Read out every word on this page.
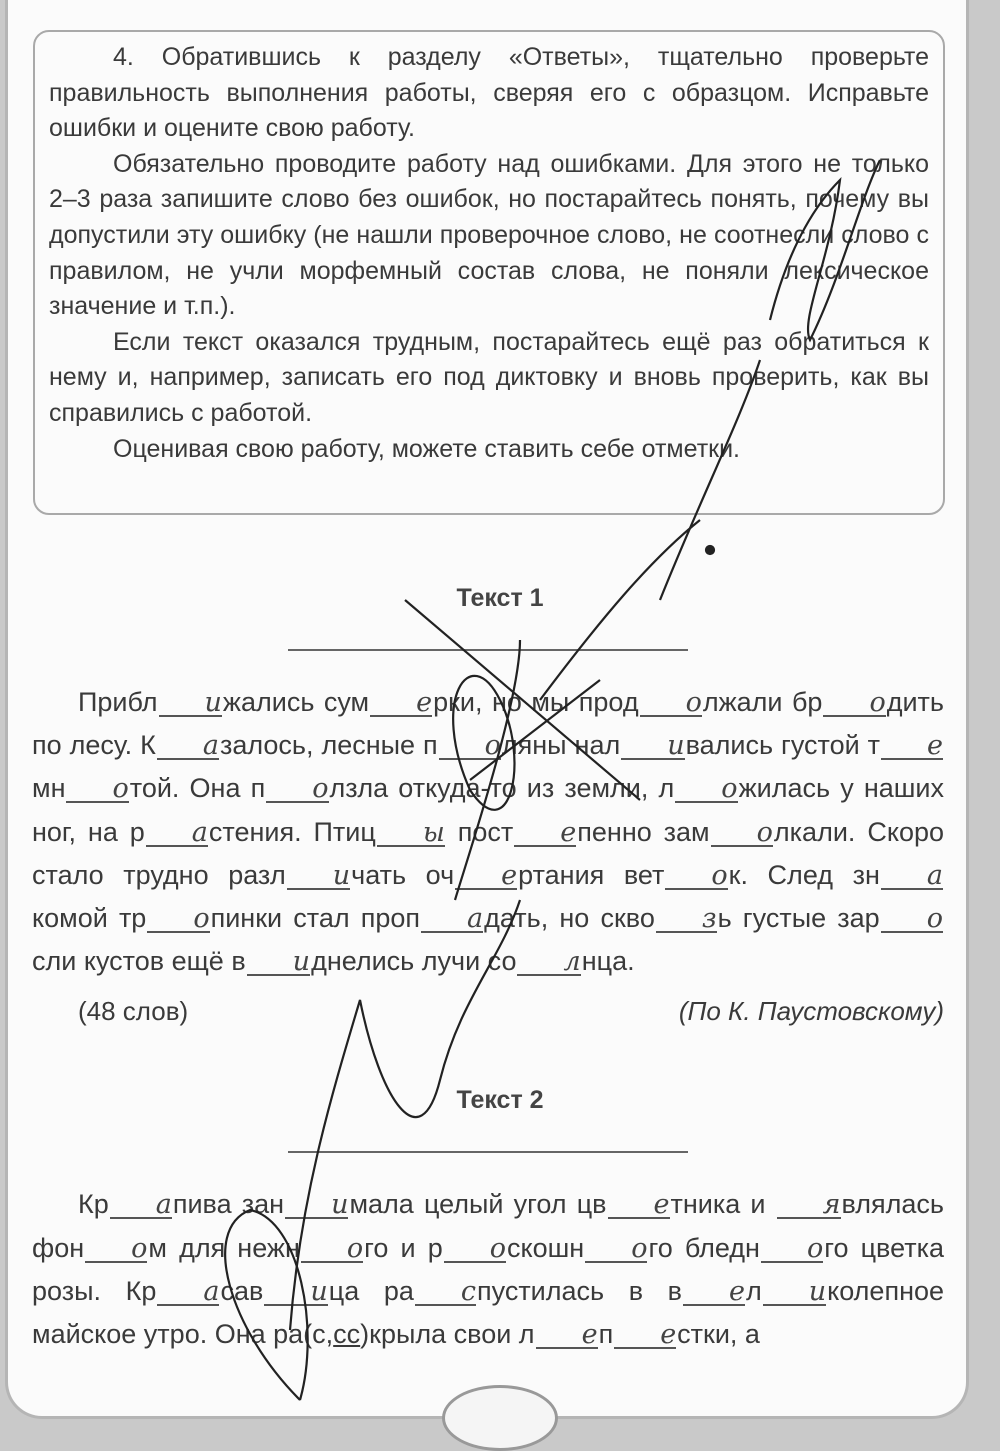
4. Обратившись к разделу «Ответы», тщательно проверьте правильность выполнения работы, сверяя его с образцом. Исправьте ошибки и оцените свою работу.

Обязательно проводите работу над ошибками. Для этого не только 2–3 раза запишите слово без ошибок, но постарайтесь понять, почему вы допустили эту ошибку (не нашли проверочное слово, не соотнесли слово с правилом, не учли морфемный состав слова, не поняли лексическое значение и т.п.).

Если текст оказался трудным, постарайтесь ещё раз обратиться к нему и, например, записать его под диктовку и вновь проверить, как вы справились с работой.

Оценивая свою работу, можете ставить себе отметки.

Текст 1

Прибл ижались сум ерки, но мы прод олжали бр одить по лесу. К азалось, лесные п оляны нал ивались густой т емн отой. Она п олзла откуда-то из земли, л ожилась у наших ног, на р астения. Птиц ы пост епенно зам олкали. Скоро стало трудно разл ичать оч ертания вет ок. След зн акомой тр опинки стал проп адать, но скво зь густые зар осли кустов ещё в иднелись лучи со лнца.

(48 слов)	(По К. Паустовскому)
Текст 2

Кр апива зан имала целый угол цв етника и являлась фон ом для нежн ого и р оскошн ого бледн ого цветка розы. Кр асав ица ра спустилась в в ел иколепное майское утро. Она ра(с,сс)крыла свои л еп естки, а
